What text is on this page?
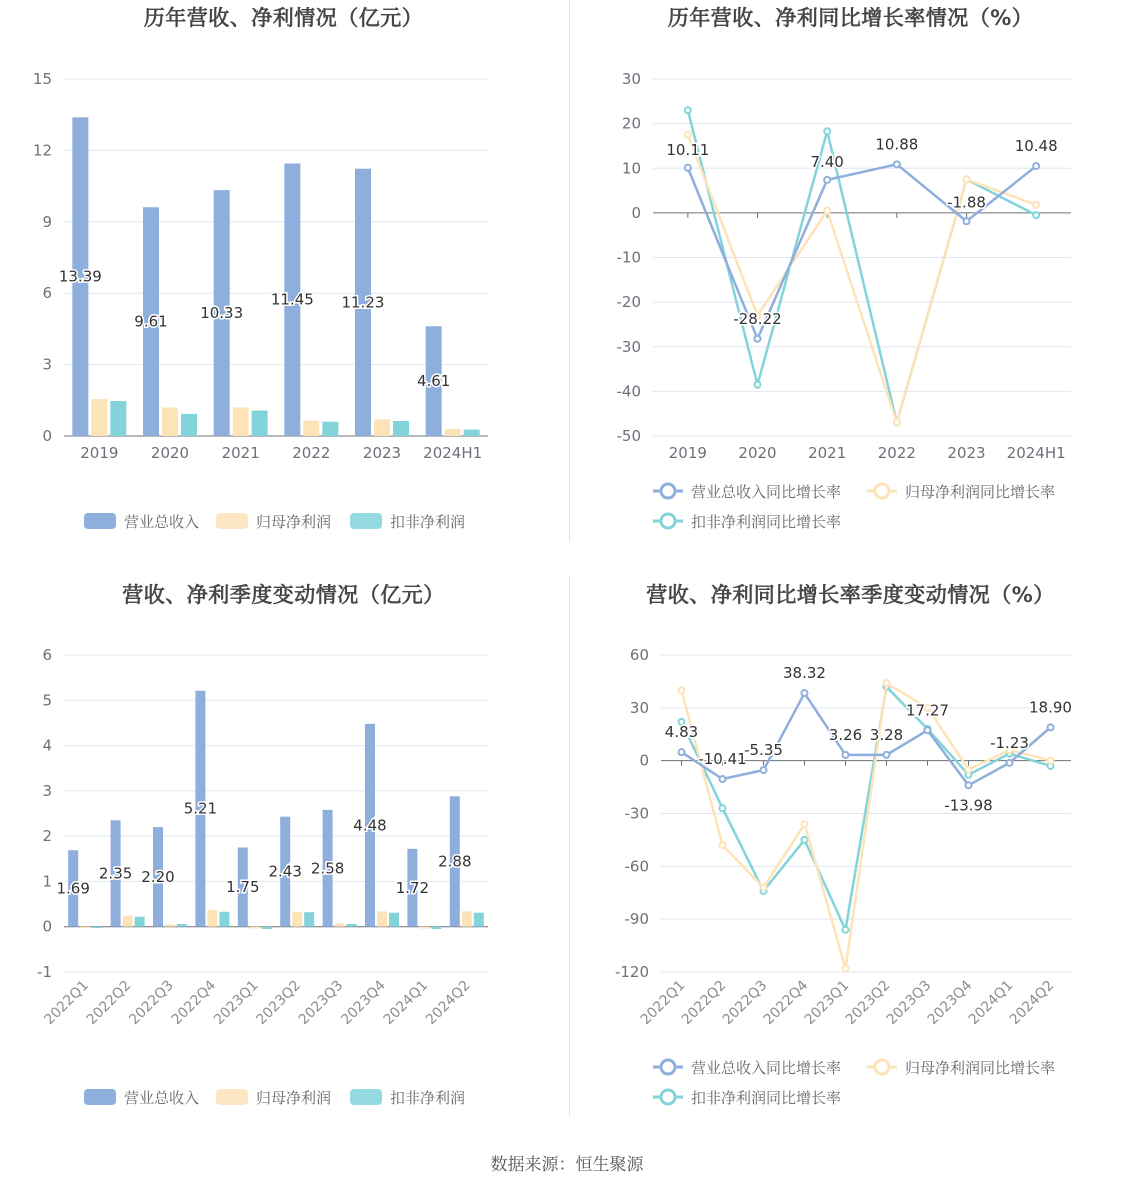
历年营收、净利情况（亿元）
0
3
6
9
12
15
2019 2020 2021 2022 2023 2024H1
13.39
9.61 10.33
11.45 11.23
4.61
营业总收入	归母净利润	扣非净利润
历年营收、净利同比增长率情况（%）
-50
-40
-30
-20
-10
0
10
20
30
2019 2020 2021 2022 2023 2024H1
10.11
-28.22
7.40
10.88
-1.88
10.48
营业总收入同比增长率	归母净利润同比增长率
扣非净利润同比增长率
营收、净利季度变动情况（亿元）
-1
0
1
2
3
4
5
6
2022Q1
2022Q2
2022Q3
2022Q4
2023Q1
2023Q2
2023Q3
2023Q4
2024Q1
2024Q2
1.69
2.35 2.20
5.21
1.75
2.43 2.58
4.48
1.72
2.88
营业总收入	归母净利润	扣非净利润
营收、净利同比增长率季度变动情况（%）
-120
-90
-60
-30
0
30
60
2022Q1
2022Q2
2022Q3
2022Q4
2023Q1
2023Q2
2023Q3
2023Q4
2024Q1
2024Q2
4.83
-10.41
-5.35
38.32
3.26 3.28
17.27
-13.98
-1.23
18.90
营业总收入同比增长率	归母净利润同比增长率
扣非净利润同比增长率
数据来源：恒生聚源
